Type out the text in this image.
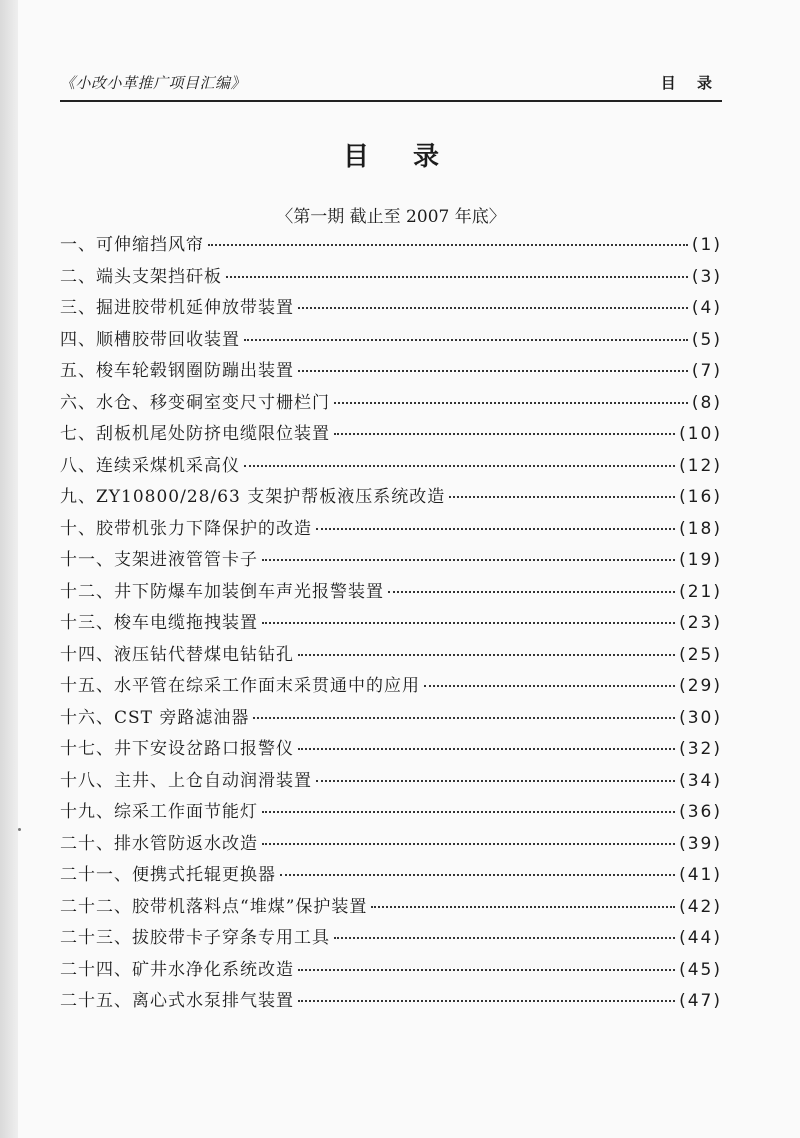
《小改小革推广项目汇编》	目 录
目录
〈第一期 截止至 2007 年底〉
一、可伸缩挡风帘	(1)
二、端头支架挡矸板	(3)
三、掘进胶带机延伸放带装置	(4)
四、顺槽胶带回收装置	(5)
五、梭车轮毂钢圈防蹦出装置	(7)
六、水仓、移变硐室变尺寸栅栏门	(8)
七、刮板机尾处防挤电缆限位装置	(10)
八、连续采煤机采高仪	(12)
九、ZY10800/28/63 支架护帮板液压系统改造	(16)
十、胶带机张力下降保护的改造	(18)
十一、支架进液管管卡子	(19)
十二、井下防爆车加装倒车声光报警装置	(21)
十三、梭车电缆拖拽装置	(23)
十四、液压钻代替煤电钻钻孔	(25)
十五、水平管在综采工作面末采贯通中的应用	(29)
十六、CST 旁路滤油器	(30)
十七、井下安设岔路口报警仪	(32)
十八、主井、上仓自动润滑装置	(34)
十九、综采工作面节能灯	(36)
二十、排水管防返水改造	(39)
二十一、便携式托辊更换器	(41)
二十二、胶带机落料点“堆煤”保护装置	(42)
二十三、拔胶带卡子穿条专用工具	(44)
二十四、矿井水净化系统改造	(45)
二十五、离心式水泵排气装置	(47)
